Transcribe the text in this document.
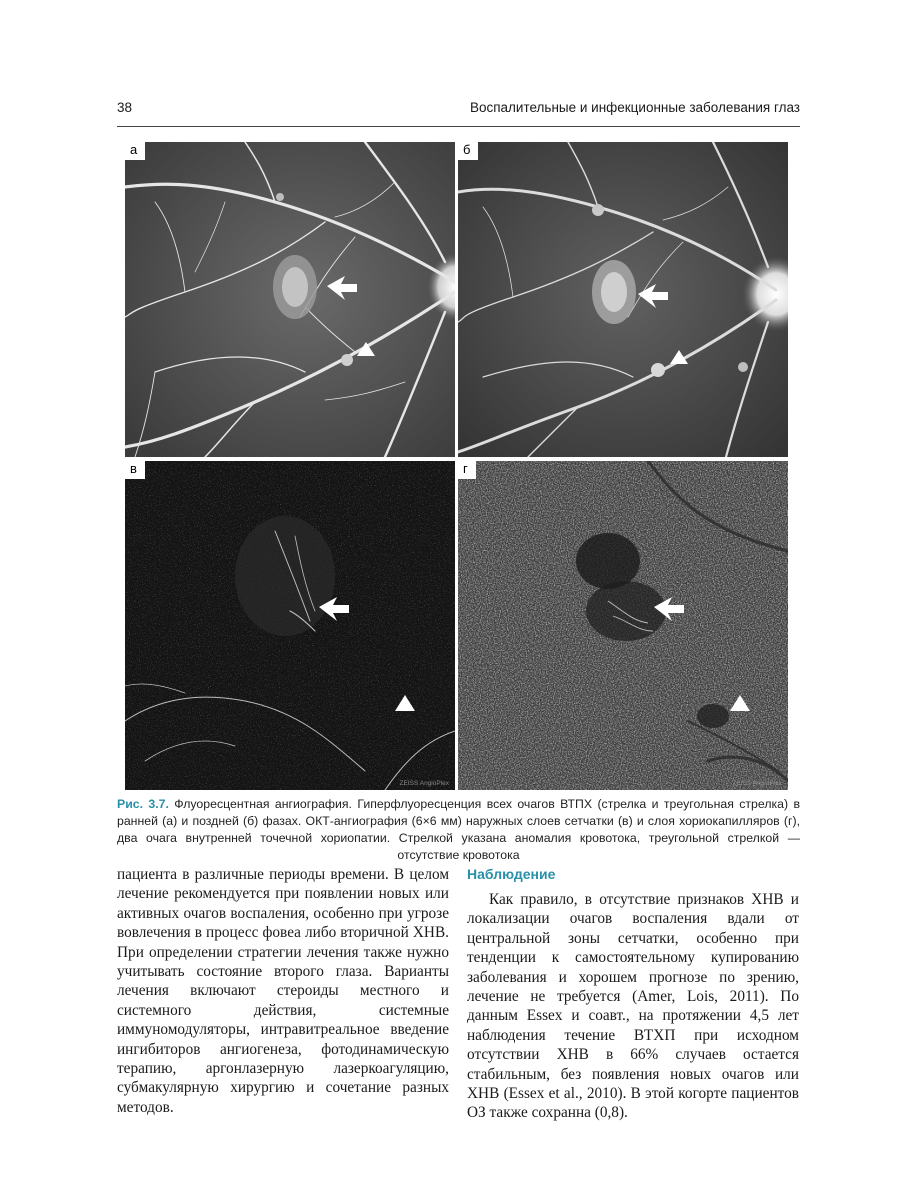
38	Воспалительные и инфекционные заболевания глаз
а	б
в
ZEISS AngioPlex
г
ZEISS AngioPlex
Рис. 3.7. Флуоресцентная ангиография. Гиперфлуоресценция всех очагов ВТПХ (стрелка и треугольная стрелка) в ранней (а) и поздней (б) фазах. ОКТ-ангиография (6×6 мм) наружных слоев сетчатки (в) и слоя хориокапилляров (г), два очага внутренней точечной хориопатии. Стрелкой указана аномалия кровотока, треугольной стрелкой — отсутствие кровотока

пациента в различные периоды времени. В целом лечение рекомендуется при появлении новых или активных очагов воспаления, особенно при угрозе вовлечения в процесс фовеа либо вторичной ХНВ. При определении стратегии лечения также нужно учитывать состояние второго глаза. Варианты лечения включают стероиды местного и системного действия, системные иммуномодуляторы, интравитреальное введение ингибиторов ангиогенеза, фотодинамическую терапию, аргонлазерную лазеркоагуляцию, субмакулярную хирургию и сочетание разных методов.

Наблюдение

Как правило, в отсутствие признаков ХНВ и локализации очагов воспаления вдали от центральной зоны сетчатки, особенно при тенденции к самостоятельному купированию заболевания и хорошем прогнозе по зрению, лечение не требуется (Amer, Lois, 2011). По данным Essex и соавт., на протяжении 4,5 лет наблюдения течение ВТХП при исходном отсутствии ХНВ в 66% случаев остается стабильным, без появления новых очагов или ХНВ (Essex et al., 2010). В этой когорте пациентов ОЗ также сохранна (0,8).
